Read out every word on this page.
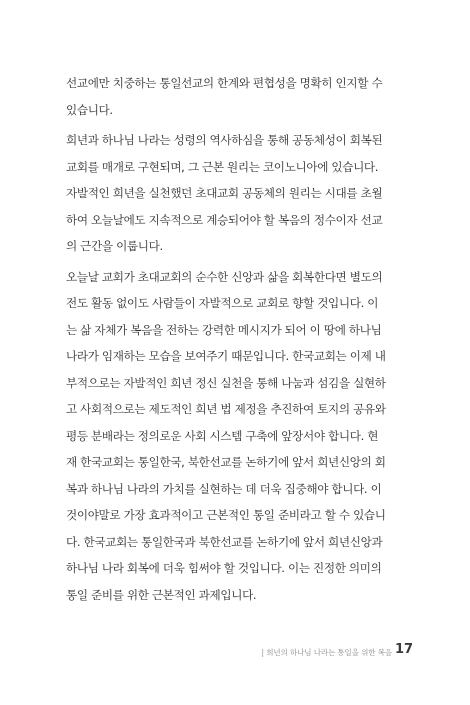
선교에만 치중하는 통일선교의 한계와 편협성을 명확히 인지할 수
있습니다.
희년과 하나님 나라는 성령의 역사하심을 통해 공동체성이 회복된
교회를 매개로 구현되며, 그 근본 원리는 코이노니아에 있습니다.
자발적인 희년을 실천했던 초대교회 공동체의 원리는 시대를 초월
하여 오늘날에도 지속적으로 계승되어야 할 복음의 정수이자 선교
의 근간을 이룹니다.
오늘날 교회가 초대교회의 순수한 신앙과 삶을 회복한다면 별도의
전도 활동 없이도 사람들이 자발적으로 교회로 향할 것입니다. 이
는 삶 자체가 복음을 전하는 강력한 메시지가 되어 이 땅에 하나님
나라가 임재하는 모습을 보여주기 때문입니다. 한국교회는 이제 내
부적으로는 자발적인 희년 정신 실천을 통해 나눔과 섬김을 실현하
고 사회적으로는 제도적인 희년 법 제정을 추진하여 토지의 공유와
평등 분배라는 정의로운 사회 시스템 구축에 앞장서야 합니다. 현
재 한국교회는 통일한국, 북한선교를 논하기에 앞서 희년신앙의 회
복과 하나님 나라의 가치를 실현하는 데 더욱 집중해야 합니다. 이
것이야말로 가장 효과적이고 근본적인 통일 준비라고 할 수 있습니
다. 한국교회는 통일한국과 북한선교를 논하기에 앞서 희년신앙과
하나님 나라 회복에 더욱 힘써야 할 것입니다. 이는 진정한 의미의
통일 준비를 위한 근본적인 과제입니다.
| 희년의 하나님 나라는 통일을 위한 복음 17
